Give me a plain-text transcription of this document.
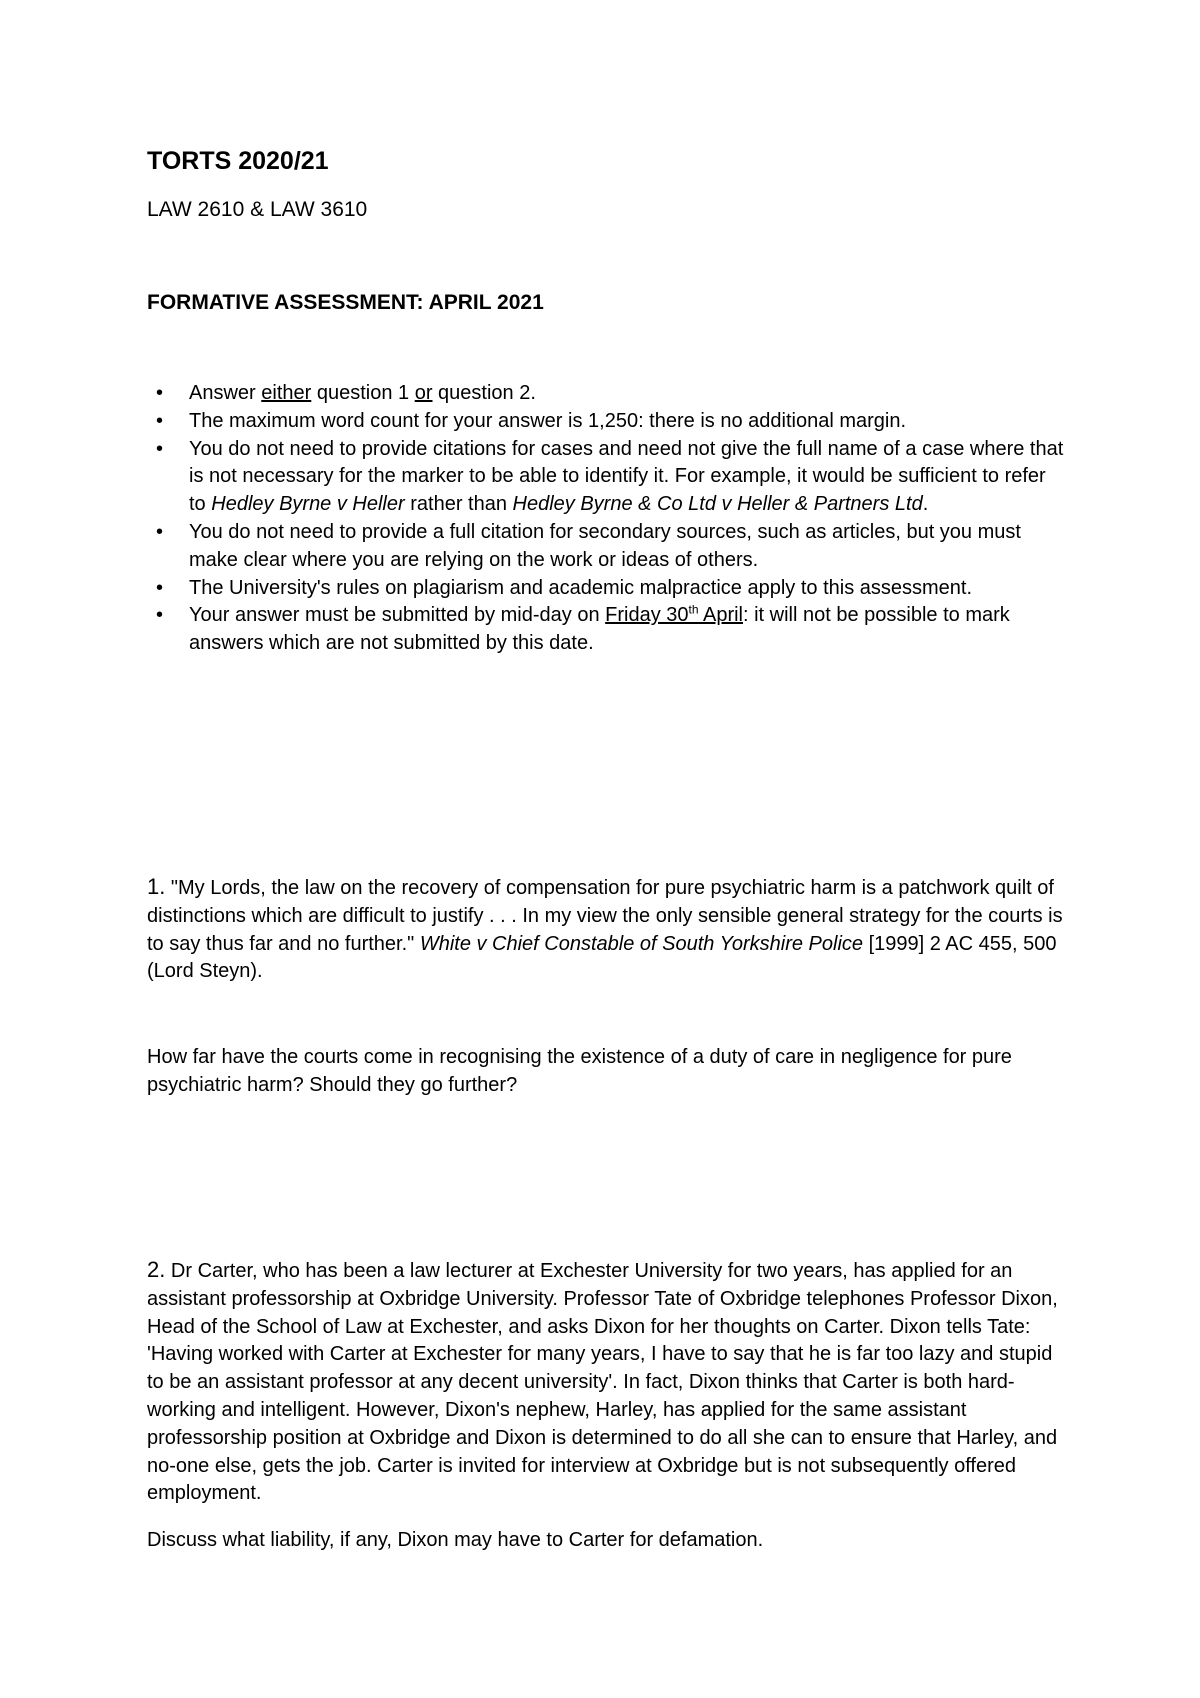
TORTS 2020/21

LAW 2610 & LAW 3610

FORMATIVE ASSESSMENT: APRIL 2021
• Answer either question 1 or question 2.
• The maximum word count for your answer is 1,250: there is no additional margin.
• You do not need to provide citations for cases and need not give the full name of a case where that is not necessary for the marker to be able to identify it. For example, it would be sufficient to refer to Hedley Byrne v Heller rather than Hedley Byrne & Co Ltd v Heller & Partners Ltd.
• You do not need to provide a full citation for secondary sources, such as articles, but you must make clear where you are relying on the work or ideas of others.
• The University's rules on plagiarism and academic malpractice apply to this assessment.
• Your answer must be submitted by mid-day on Friday 30th April: it will not be possible to mark answers which are not submitted by this date.

1. "My Lords, the law on the recovery of compensation for pure psychiatric harm is a patchwork quilt of distinctions which are difficult to justify . . . In my view the only sensible general strategy for the courts is to say thus far and no further." White v Chief Constable of South Yorkshire Police [1999] 2 AC 455, 500 (Lord Steyn).

How far have the courts come in recognising the existence of a duty of care in negligence for pure psychiatric harm? Should they go further?

2. Dr Carter, who has been a law lecturer at Exchester University for two years, has applied for an assistant professorship at Oxbridge University. Professor Tate of Oxbridge telephones Professor Dixon, Head of the School of Law at Exchester, and asks Dixon for her thoughts on Carter. Dixon tells Tate: 'Having worked with Carter at Exchester for many years, I have to say that he is far too lazy and stupid to be an assistant professor at any decent university'. In fact, Dixon thinks that Carter is both hard-working and intelligent. However, Dixon's nephew, Harley, has applied for the same assistant professorship position at Oxbridge and Dixon is determined to do all she can to ensure that Harley, and no-one else, gets the job. Carter is invited for interview at Oxbridge but is not subsequently offered employment.

Discuss what liability, if any, Dixon may have to Carter for defamation.
